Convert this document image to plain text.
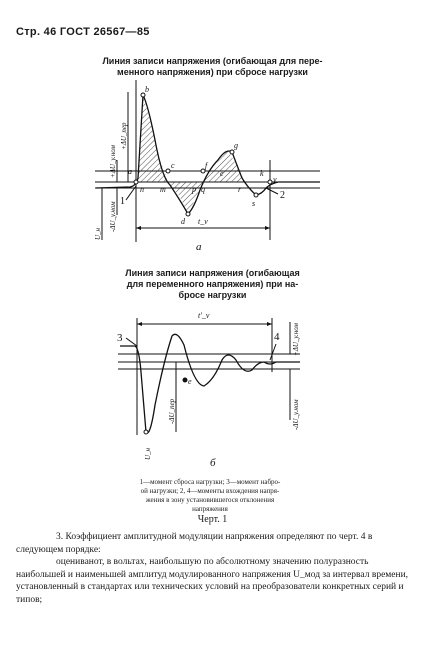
Стр. 46 ГОСТ 26567—85
Линия записи напряжения (огибающая для пере-
менного напряжения) при сбросе нагрузки
b
a
c
d
f
g
n m	p
e
r
s
y
k
q
1
2
t_v
а
+ΔU_пер
+ΔU_у.ном
-ΔU_у.ном
U_н
3	4
t'_v
e
б
+ΔU_у.ном
-ΔU_у.ном
-ΔU_пер
U_н
Линия записи напряжения (огибающая
для переменного напряжения) при на-
бросе нагрузки
1—момент сброса нагрузки; 3—момент набро-
ой нагрузки; 2, 4—моменты вхождения напря-
жения в зону установившегося отклонения
напряжения
Черт. 1

3. Коэффициент амплитудной модуляции напряжения определяют по черт. 4 в следующем порядке:

оцениванот, в вольтах, наибольшую по абсолютному значению полуразность наибольшей и наименьшей амплитуд модулированного напряжения U_мод за интервал времени, установленный в стандартах или технических условий на преобразователи конкретных серий и типов;
